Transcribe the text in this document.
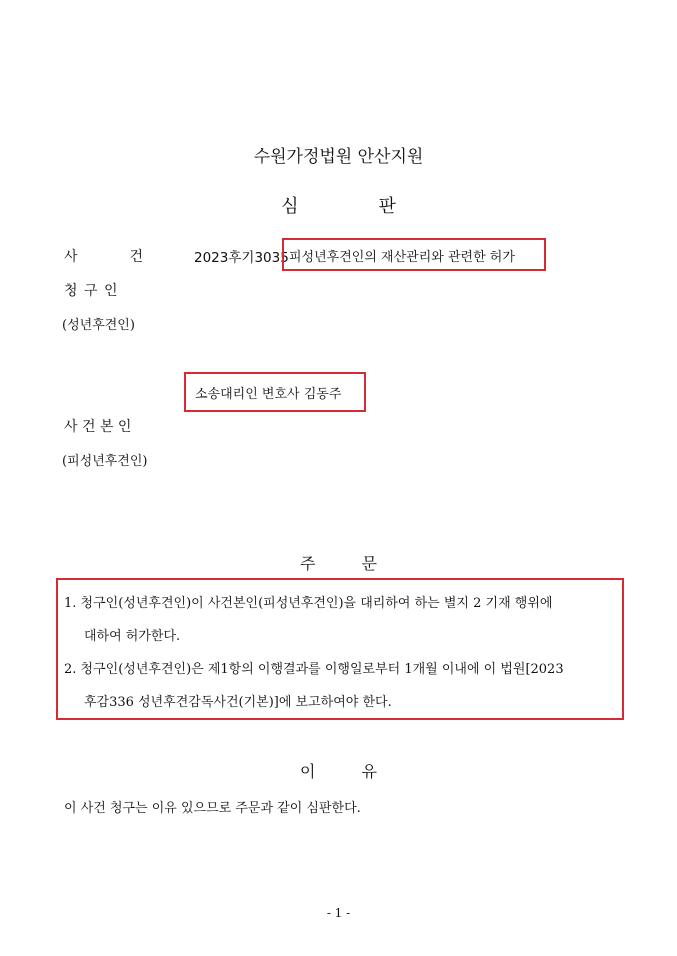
수원가정법원 안산지원
심	판
사	건	2023후기3035 피성년후견인의 재산관리와 관련한 허가
청 구 인
(성년후견인)
소송대리인 변호사 김동주
사 건 본 인
(피성년후견인)
주	문
1. 청구인(성년후견인)이 사건본인(피성년후견인)을 대리하여 하는 별지 2 기재 행위에
대하여 허가한다.
2. 청구인(성년후견인)은 제1항의 이행결과를 이행일로부터 1개월 이내에 이 법원[2023
후감336 성년후견감독사건(기본)]에 보고하여야 한다.
이	유
이 사건 청구는 이유 있으므로 주문과 같이 심판한다.
- 1 -
